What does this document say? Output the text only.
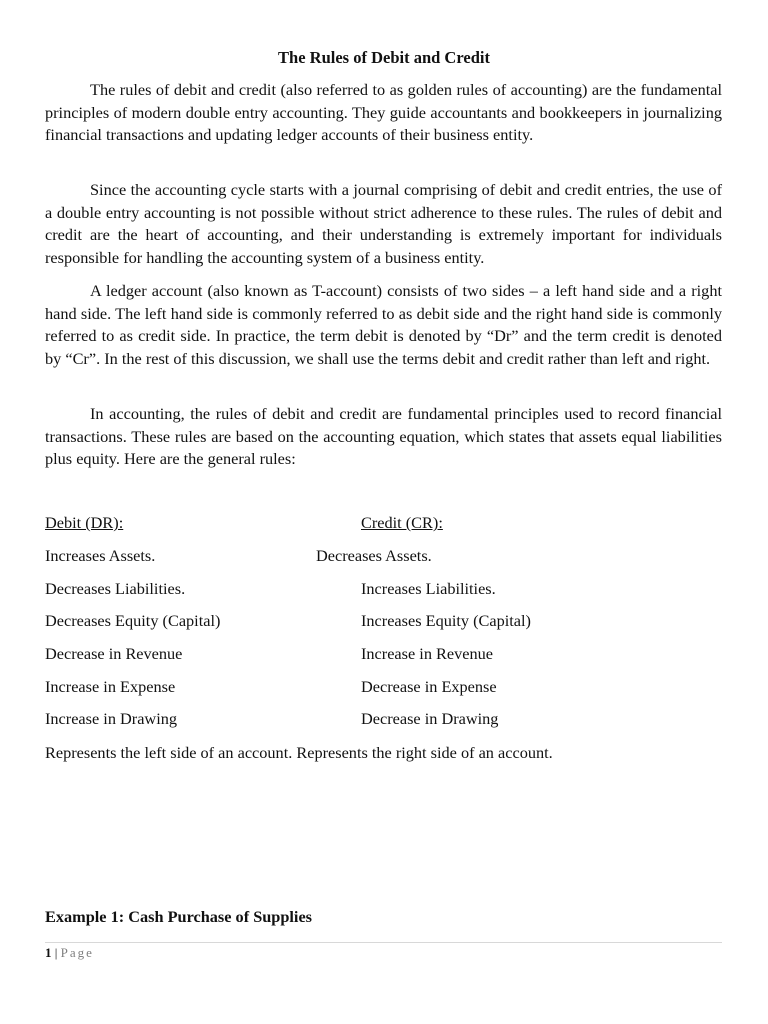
The Rules of Debit and Credit

The rules of debit and credit (also referred to as golden rules of accounting) are the fundamental principles of modern double entry accounting. They guide accountants and bookkeepers in journalizing financial transactions and updating ledger accounts of their business entity.

Since the accounting cycle starts with a journal comprising of debit and credit entries, the use of a double entry accounting is not possible without strict adherence to these rules. The rules of debit and credit are the heart of accounting, and their understanding is extremely important for individuals responsible for handling the accounting system of a business entity.

A ledger account (also known as T-account) consists of two sides – a left hand side and a right hand side. The left hand side is commonly referred to as debit side and the right hand side is commonly referred to as credit side. In practice, the term debit is denoted by “Dr” and the term credit is denoted by “Cr”. In the rest of this discussion, we shall use the terms debit and credit rather than left and right.

In accounting, the rules of debit and credit are fundamental principles used to record financial transactions. These rules are based on the accounting equation, which states that assets equal liabilities plus equity. Here are the general rules:

Debit (DR):	Credit (CR):
Increases Assets.	Decreases Assets.
Decreases Liabilities.	Increases Liabilities.
Decreases Equity (Capital)	Increases Equity (Capital)
Decrease in Revenue	Increase in Revenue
Increase in Expense	Decrease in Expense
Increase in Drawing	Decrease in Drawing
Represents the left side of an account. Represents the right side of an account.
Example 1: Cash Purchase of Supplies
1 | Page
